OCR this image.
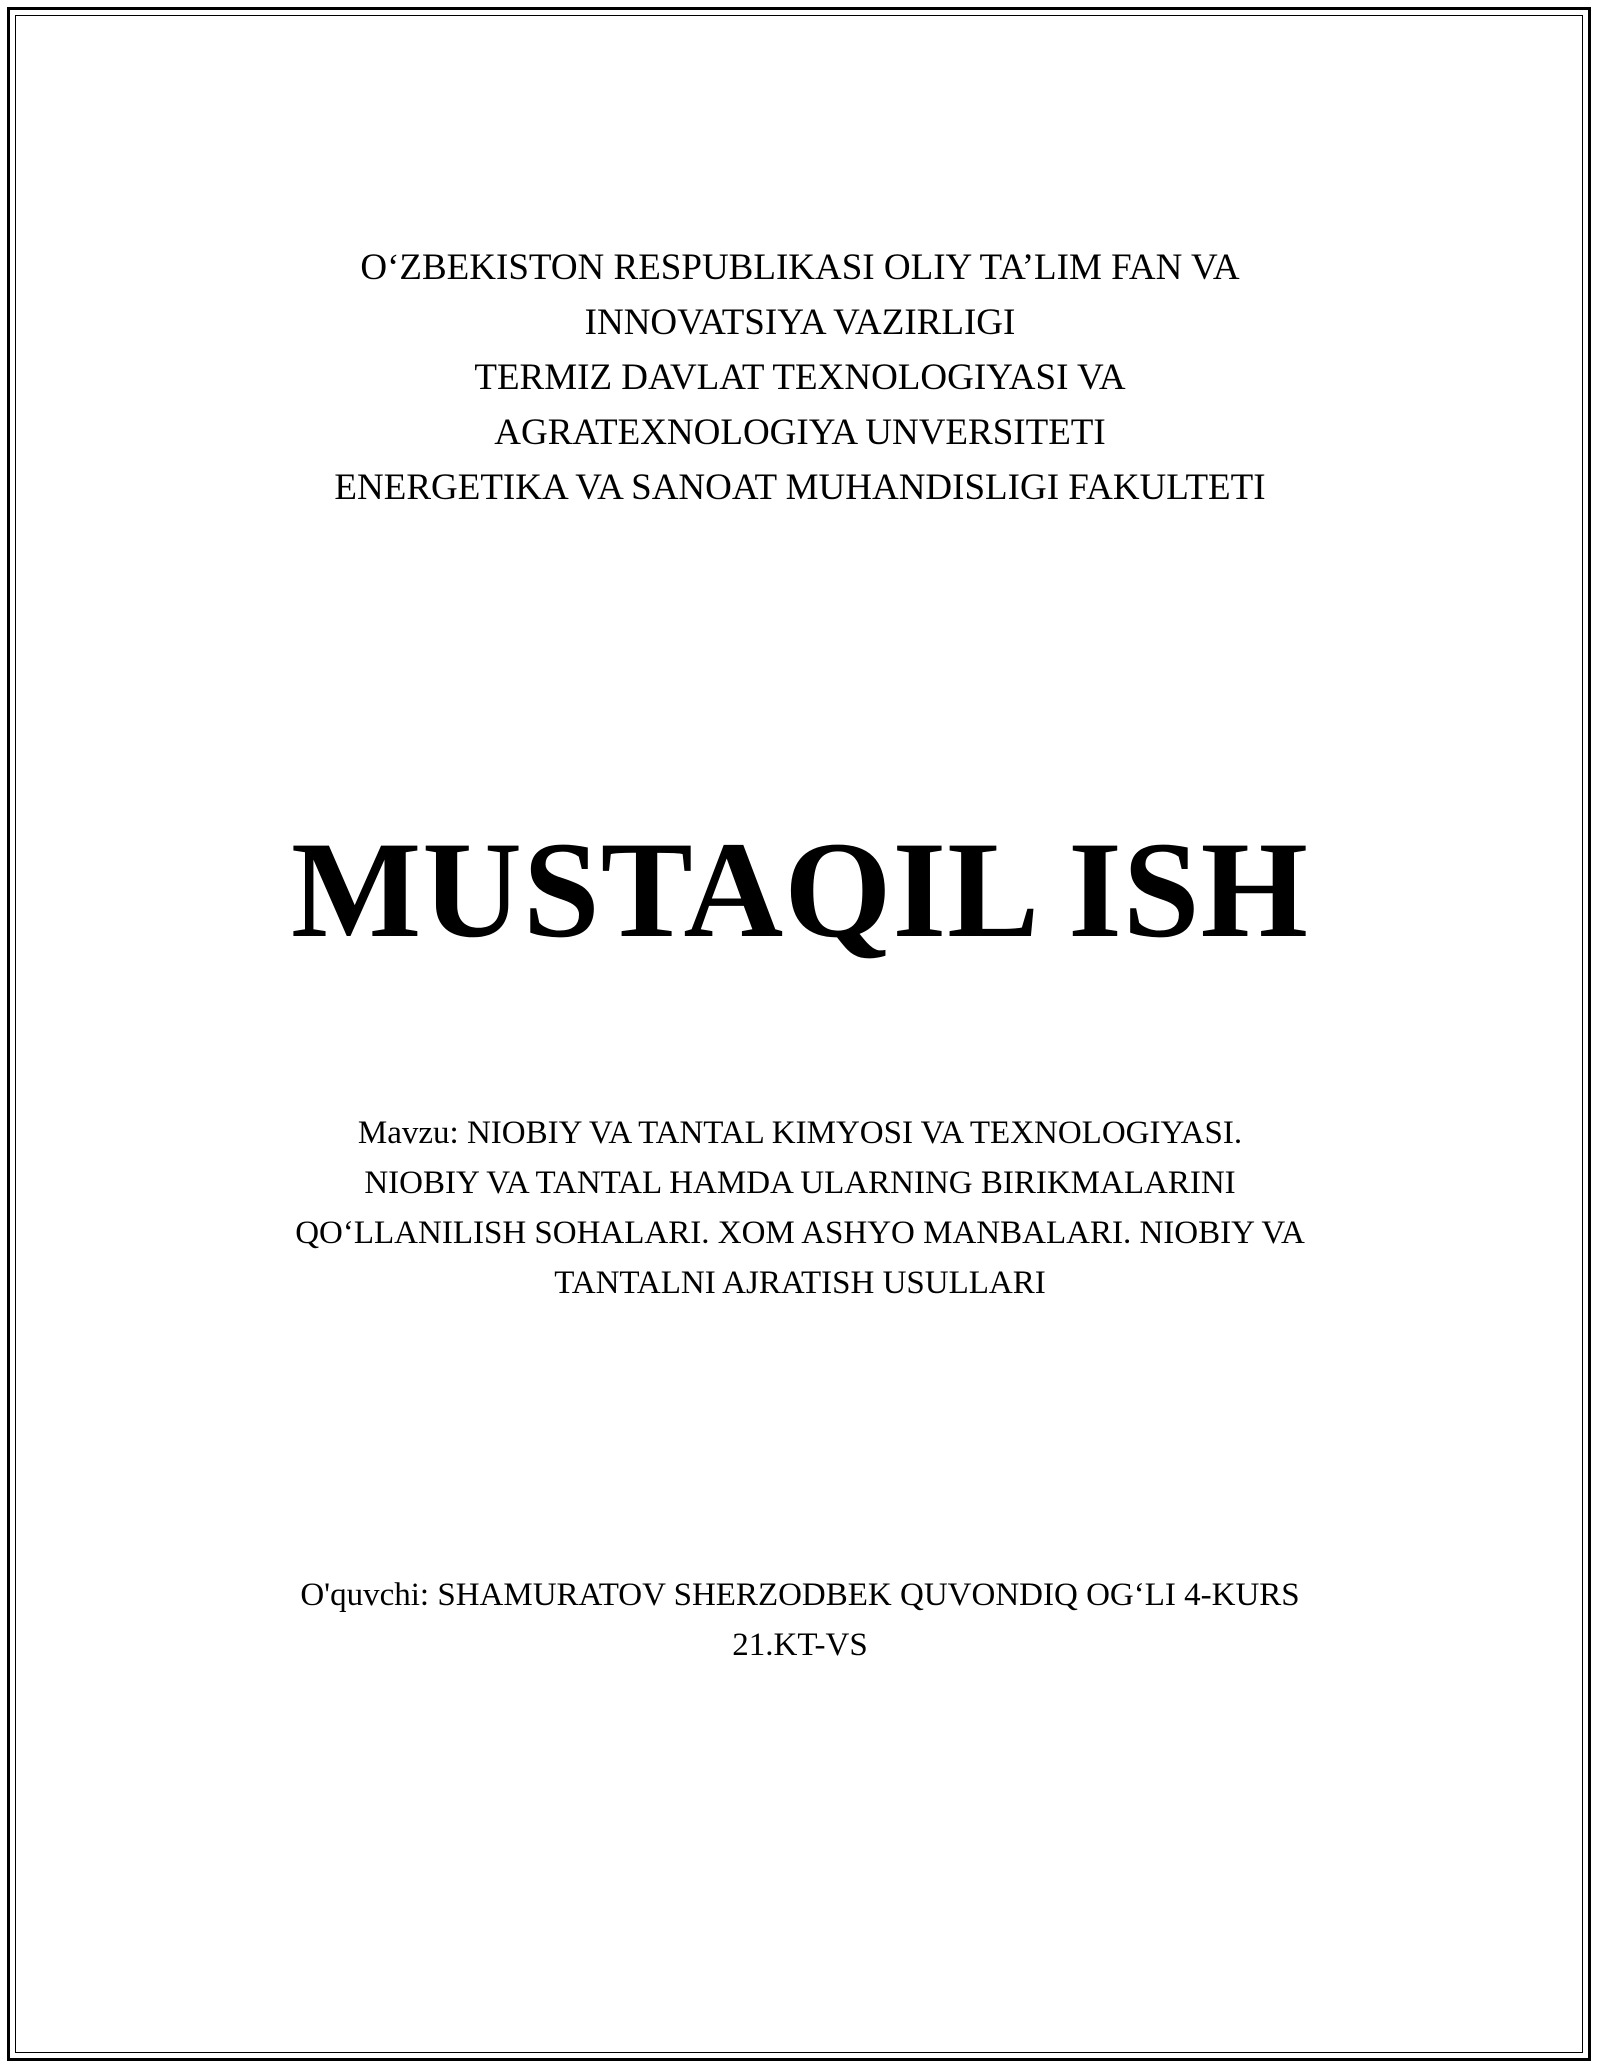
O‘ZBEKISTON RESPUBLIKASI OLIY TA’LIM FAN VA
INNOVATSIYA VAZIRLIGI
TERMIZ DAVLAT TEXNOLOGIYASI VA
AGRATEXNOLOGIYA UNVERSITETI
ENERGETIKA VA SANOAT MUHANDISLIGI FAKULTETI
MUSTAQIL ISH
Mavzu: NIOBIY VA TANTAL KIMYOSI VA TEXNOLOGIYASI.
NIOBIY VA TANTAL HAMDA ULARNING BIRIKMALARINI
QO‘LLANILISH SOHALARI. XOM ASHYO MANBALARI. NIOBIY VA
TANTALNI AJRATISH USULLARI
O'quvchi: SHAMURATOV SHERZODBEK QUVONDIQ OG‘LI 4-KURS
21.KT-VS
